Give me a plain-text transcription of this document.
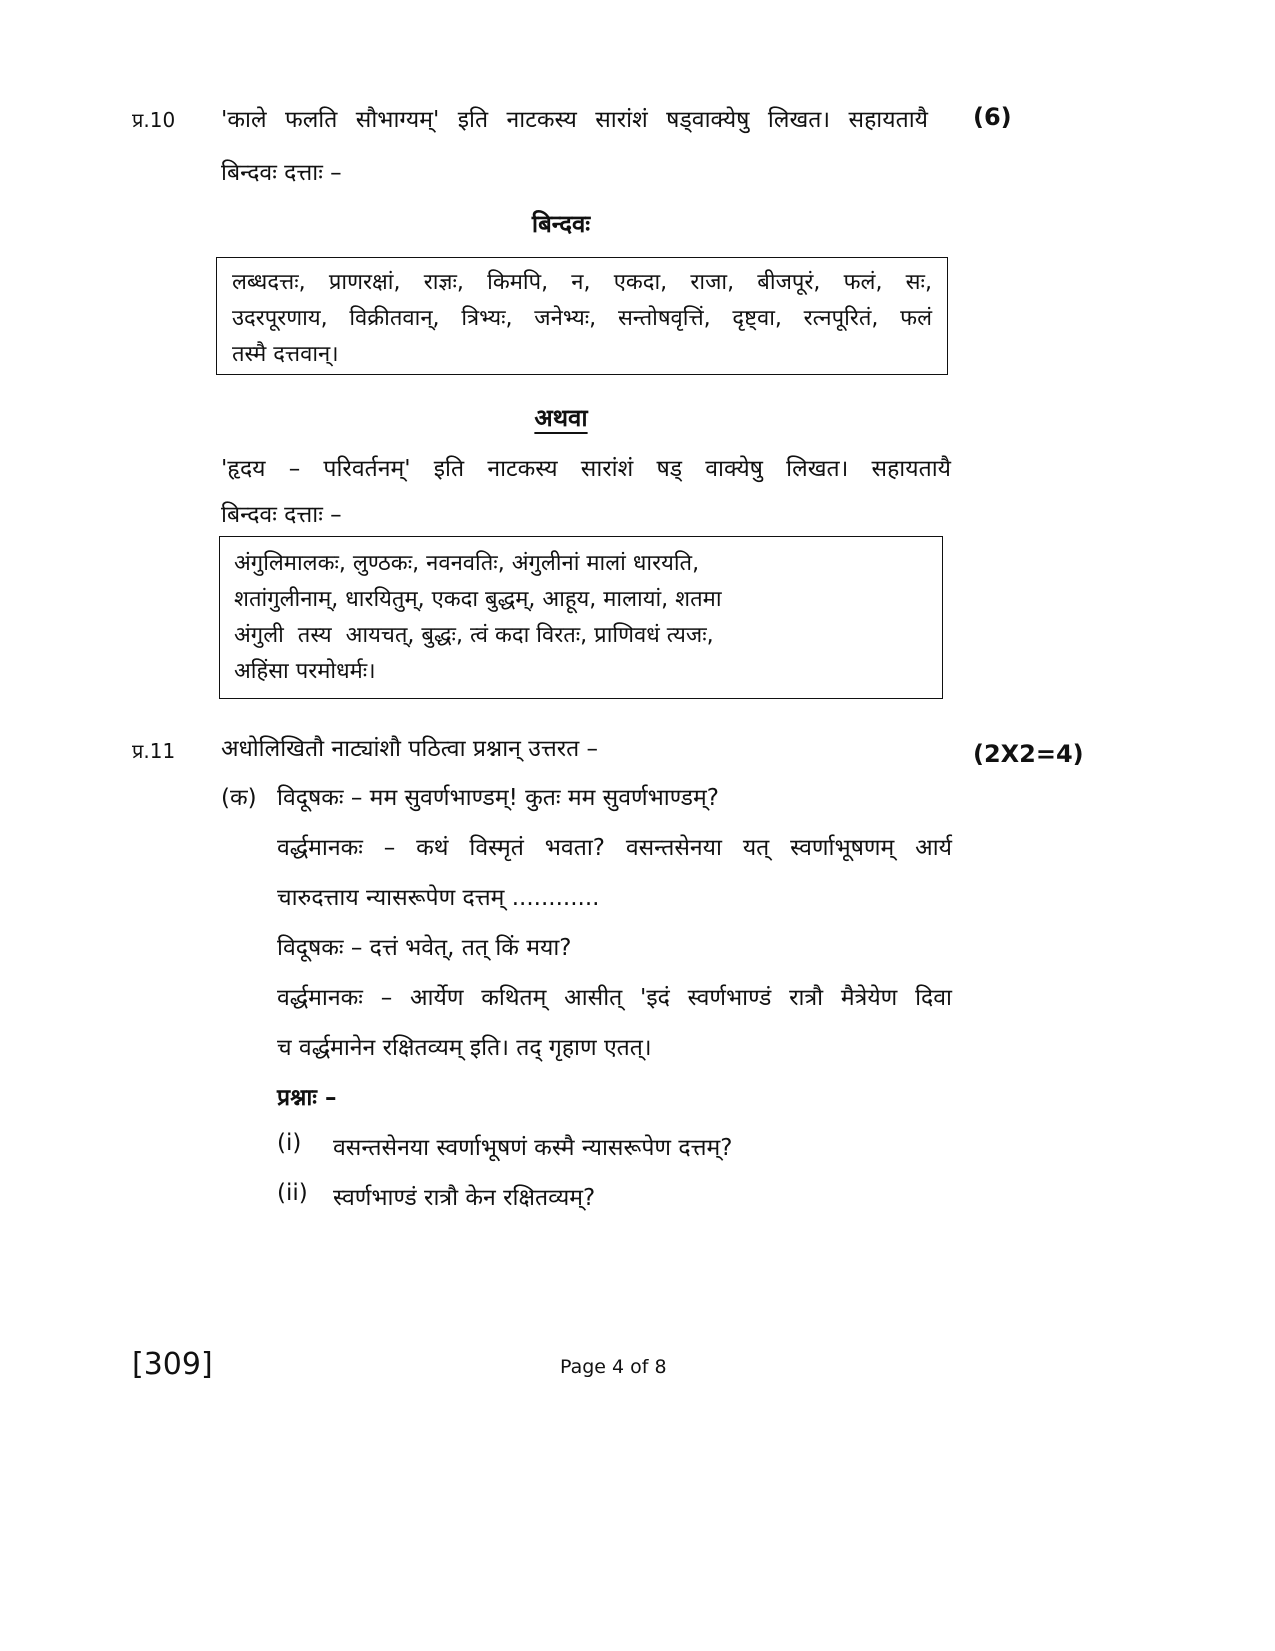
प्र.10 'काले फलति सौभाग्यम्' इति नाटकस्य सारांशं षड्वाक्येषु लिखत। सहायतायै (6)
बिन्दवः दत्ताः –
बिन्दवः
लब्धदत्तः, प्राणरक्षां, राज्ञः, किमपि, न, एकदा, राजा, बीजपूरं, फलं, सः,
उदरपूरणाय, विक्रीतवान्, त्रिभ्यः, जनेभ्यः, सन्तोषवृत्तिं, दृष्ट्वा, रत्नपूरितं, फलं
तस्मै दत्तवान्।
अथवा
'हृदय – परिवर्तनम्' इति नाटकस्य सारांशं षड् वाक्येषु लिखत। सहायतायै
बिन्दवः दत्ताः –
अंगुलिमालकः, लुण्ठकः, नवनवतिः, अंगुलीनां मालां धारयति,
शतांगुलीनाम्, धारयितुम्, एकदा बुद्धम्, आहूय, मालायां, शतमा
अंगुली  तस्य  आयचत्, बुद्धः, त्वं कदा विरतः, प्राणिवधं त्यजः,
अहिंसा परमोधर्मः।
प्र.11 अधोलिखितौ नाट्यांशौ पठित्वा प्रश्नान् उत्तरत –	(2X2=4)
(क) विदूषकः – मम सुवर्णभाण्डम्! कुतः मम सुवर्णभाण्डम्?
वर्द्धमानकः – कथं विस्मृतं भवता? वसन्तसेनया यत् स्वर्णाभूषणम् आर्य
चारुदत्ताय न्यासरूपेण दत्तम् ............
विदूषकः – दत्तं भवेत्, तत् किं मया?
वर्द्धमानकः – आर्येण कथितम् आसीत् 'इदं स्वर्णभाण्डं रात्रौ मैत्रेयेण दिवा
च वर्द्धमानेन रक्षितव्यम् इति। तद् गृहाण एतत्।
प्रश्नाः –
(i) वसन्तसेनया स्वर्णाभूषणं कस्मै न्यासरूपेण दत्तम्?
(ii) स्वर्णभाण्डं रात्रौ केन रक्षितव्यम्?
[309]	Page 4 of 8
